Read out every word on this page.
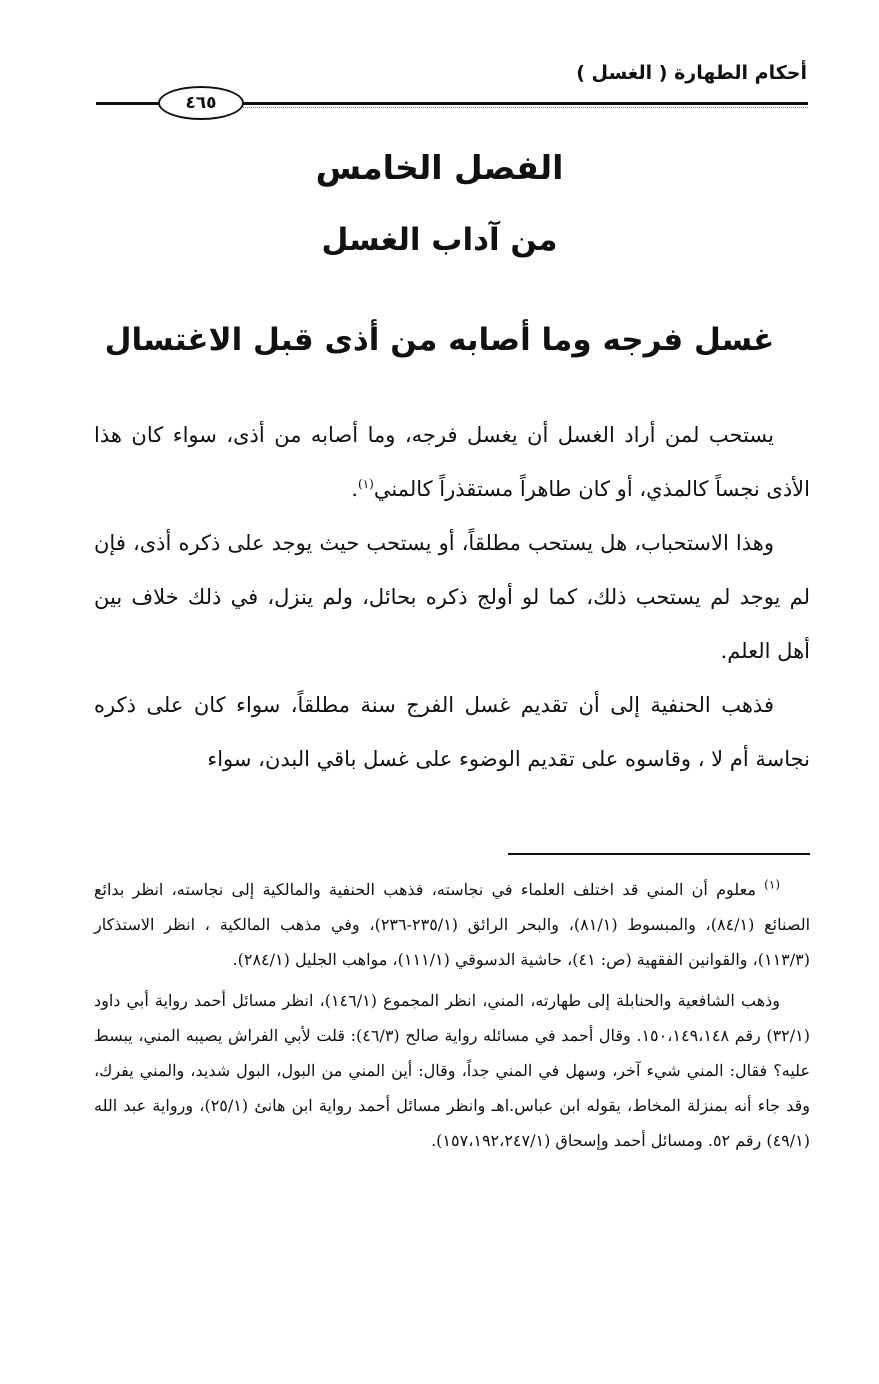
أحكام الطهارة ( الغسل )
٤٦٥
الفصل الخامس
من آداب الغسل
غسل فرجه وما أصابه من أذى قبل الاغتسال

يستحب لمن أراد الغسل أن يغسل فرجه، وما أصابه من أذى، سواء كان هذا الأذى نجساً كالمذي، أو كان طاهراً مستقذراً كالمني$^{(١)}$.

وهذا الاستحباب، هل يستحب مطلقاً، أو يستحب حيث يوجد على ذكره أذى، فإن لم يوجد لم يستحب ذلك، كما لو أولج ذكره بحائل، ولم ينزل، في ذلك خلاف بين أهل العلم.

فذهب الحنفية إلى أن تقديم غسل الفرج سنة مطلقاً، سواء كان على ذكره نجاسة أم لا ، وقاسوه على تقديم الوضوء على غسل باقي البدن، سواء

$^{(١)}$ معلوم أن المني قد اختلف العلماء في نجاسته، فذهب الحنفية والمالكية إلى نجاسته، انظر بدائع الصنائع (٨٤/١)، والمبسوط (٨١/١)، والبحر الرائق (٢٣٥/١-٢٣٦)، وفي مذهب المالكية ، انظر الاستذكار (١١٣/٣)، والقوانين الفقهية (ص: ٤١)، حاشية الدسوقي (١١١/١)، مواهب الجليل (٢٨٤/١).

وذهب الشافعية والحنابلة إلى طهارته، المني، انظر المجموع (١٤٦/١)، انظر مسائل أحمد رواية أبي داود (٣٢/١) رقم ١٥٠،١٤٩،١٤٨. وقال أحمد في مسائله رواية صالح (٤٦/٣): قلت لأبي الفراش يصيبه المني، يبسط عليه؟ فقال: المني شيء آخر، وسهل في المني جداً، وقال: أين المني من البول، البول شديد، والمني يفرك، وقد جاء أنه بمنزلة المخاط، يقوله ابن عباس.اهـ وانظر مسائل أحمد رواية ابن هانئ (٢٥/١)، ورواية عبد الله (٤٩/١) رقم ٥٢. ومسائل أحمد وإسحاق (١٥٧،١٩٢،٢٤٧/١).
